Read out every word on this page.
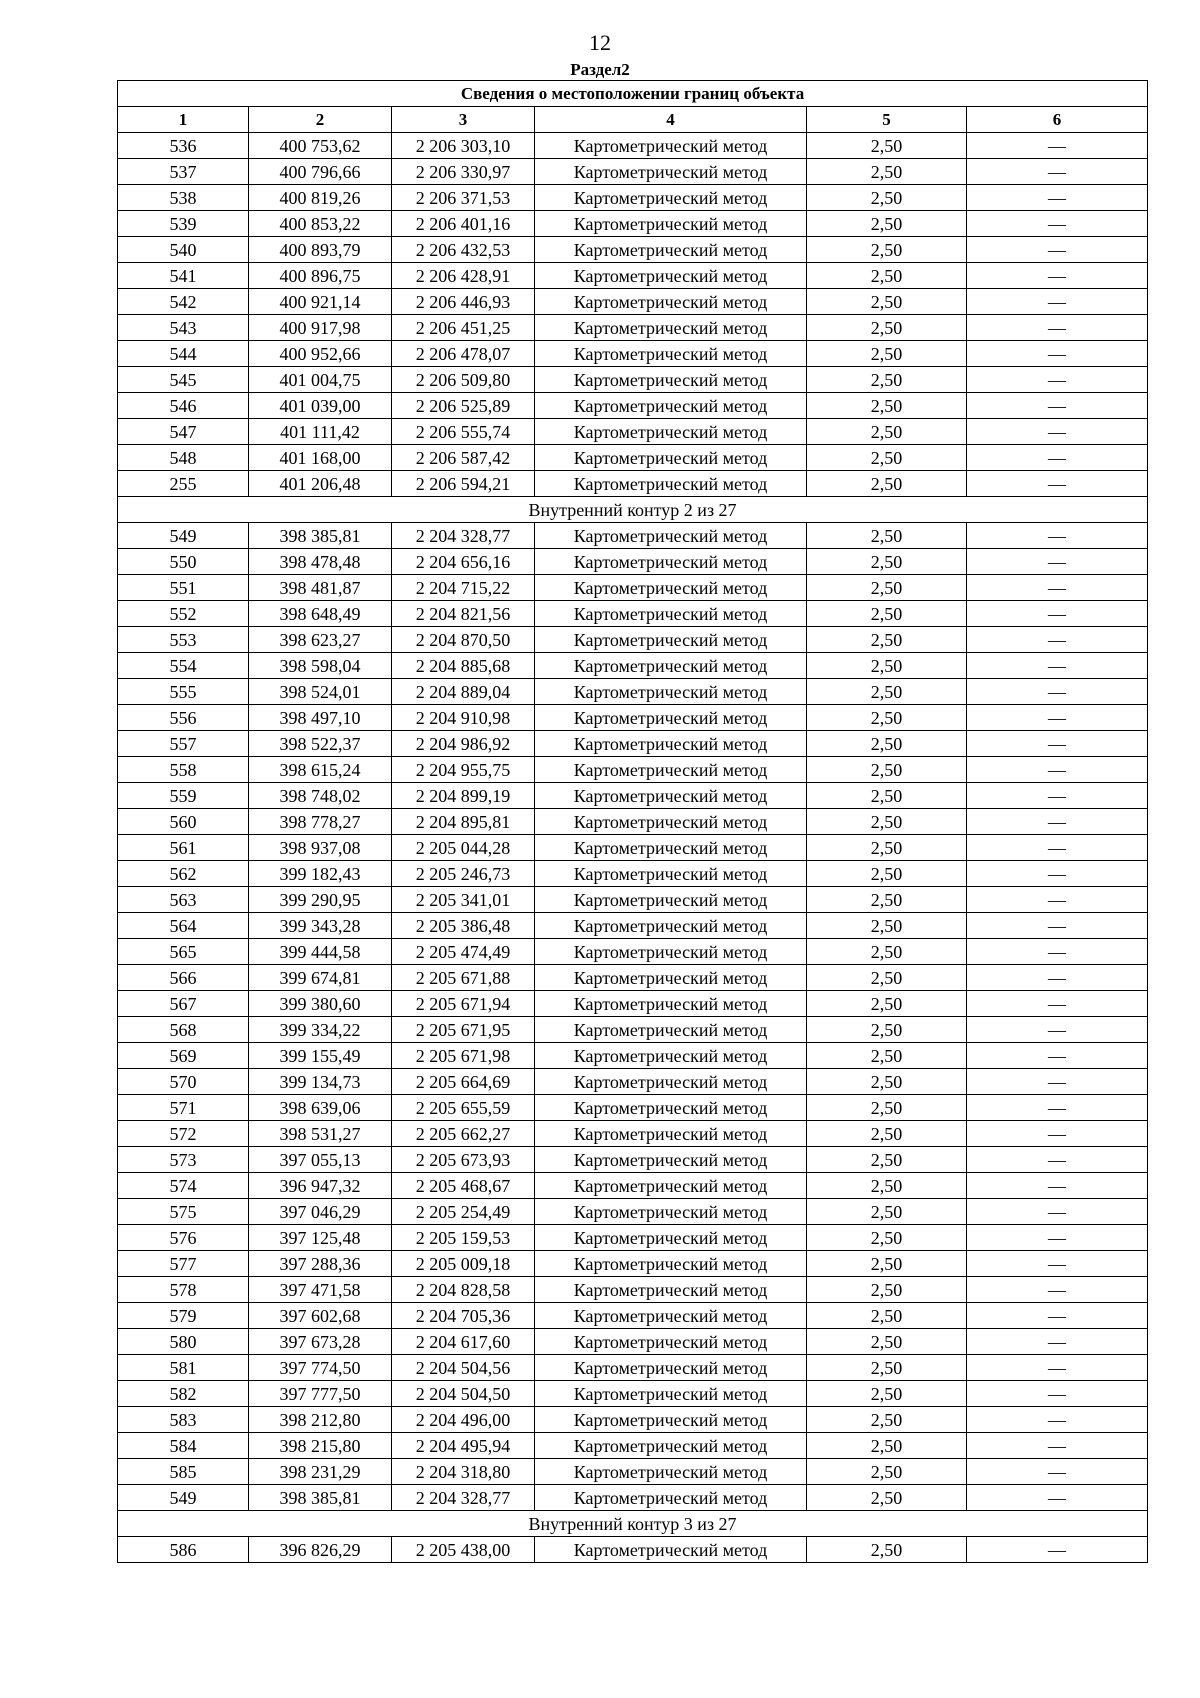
12
Раздел2
Сведения о местоположении границ объекта					
1	2	3	4	5	6
536	400 753,62	2 206 303,10	Картометрический метод	2,50	—
537	400 796,66	2 206 330,97	Картометрический метод	2,50	—
538	400 819,26	2 206 371,53	Картометрический метод	2,50	—
539	400 853,22	2 206 401,16	Картометрический метод	2,50	—
540	400 893,79	2 206 432,53	Картометрический метод	2,50	—
541	400 896,75	2 206 428,91	Картометрический метод	2,50	—
542	400 921,14	2 206 446,93	Картометрический метод	2,50	—
543	400 917,98	2 206 451,25	Картометрический метод	2,50	—
544	400 952,66	2 206 478,07	Картометрический метод	2,50	—
545	401 004,75	2 206 509,80	Картометрический метод	2,50	—
546	401 039,00	2 206 525,89	Картометрический метод	2,50	—
547	401 111,42	2 206 555,74	Картометрический метод	2,50	—
548	401 168,00	2 206 587,42	Картометрический метод	2,50	—
255	401 206,48	2 206 594,21	Картометрический метод	2,50	—
Внутренний контур 2 из 27					
549	398 385,81	2 204 328,77	Картометрический метод	2,50	—
550	398 478,48	2 204 656,16	Картометрический метод	2,50	—
551	398 481,87	2 204 715,22	Картометрический метод	2,50	—
552	398 648,49	2 204 821,56	Картометрический метод	2,50	—
553	398 623,27	2 204 870,50	Картометрический метод	2,50	—
554	398 598,04	2 204 885,68	Картометрический метод	2,50	—
555	398 524,01	2 204 889,04	Картометрический метод	2,50	—
556	398 497,10	2 204 910,98	Картометрический метод	2,50	—
557	398 522,37	2 204 986,92	Картометрический метод	2,50	—
558	398 615,24	2 204 955,75	Картометрический метод	2,50	—
559	398 748,02	2 204 899,19	Картометрический метод	2,50	—
560	398 778,27	2 204 895,81	Картометрический метод	2,50	—
561	398 937,08	2 205 044,28	Картометрический метод	2,50	—
562	399 182,43	2 205 246,73	Картометрический метод	2,50	—
563	399 290,95	2 205 341,01	Картометрический метод	2,50	—
564	399 343,28	2 205 386,48	Картометрический метод	2,50	—
565	399 444,58	2 205 474,49	Картометрический метод	2,50	—
566	399 674,81	2 205 671,88	Картометрический метод	2,50	—
567	399 380,60	2 205 671,94	Картометрический метод	2,50	—
568	399 334,22	2 205 671,95	Картометрический метод	2,50	—
569	399 155,49	2 205 671,98	Картометрический метод	2,50	—
570	399 134,73	2 205 664,69	Картометрический метод	2,50	—
571	398 639,06	2 205 655,59	Картометрический метод	2,50	—
572	398 531,27	2 205 662,27	Картометрический метод	2,50	—
573	397 055,13	2 205 673,93	Картометрический метод	2,50	—
574	396 947,32	2 205 468,67	Картометрический метод	2,50	—
575	397 046,29	2 205 254,49	Картометрический метод	2,50	—
576	397 125,48	2 205 159,53	Картометрический метод	2,50	—
577	397 288,36	2 205 009,18	Картометрический метод	2,50	—
578	397 471,58	2 204 828,58	Картометрический метод	2,50	—
579	397 602,68	2 204 705,36	Картометрический метод	2,50	—
580	397 673,28	2 204 617,60	Картометрический метод	2,50	—
581	397 774,50	2 204 504,56	Картометрический метод	2,50	—
582	397 777,50	2 204 504,50	Картометрический метод	2,50	—
583	398 212,80	2 204 496,00	Картометрический метод	2,50	—
584	398 215,80	2 204 495,94	Картометрический метод	2,50	—
585	398 231,29	2 204 318,80	Картометрический метод	2,50	—
549	398 385,81	2 204 328,77	Картометрический метод	2,50	—
Внутренний контур 3 из 27					
586	396 826,29	2 205 438,00	Картометрический метод	2,50	—
